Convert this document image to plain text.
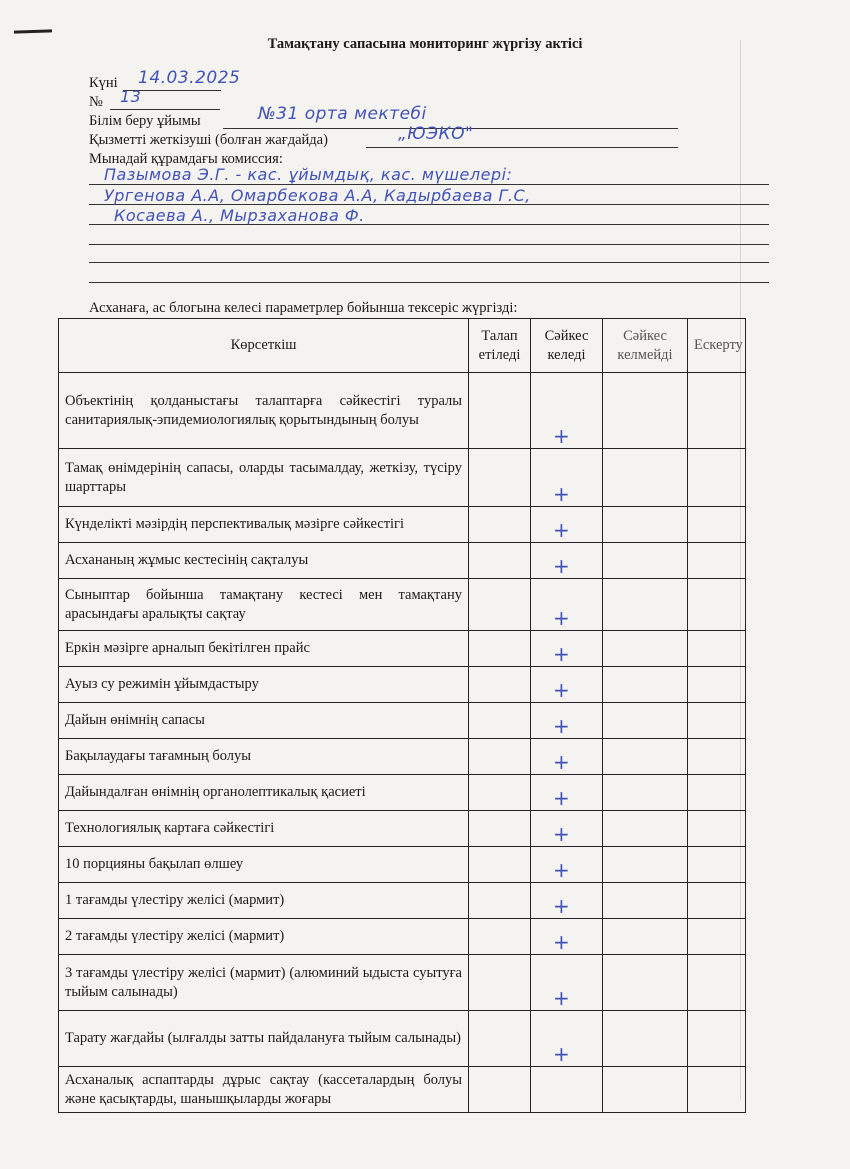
Тамақтану сапасына мониторинг жүргізу актісі
Күні 14.03.2025
№ 13
Білім беру ұйымы	№31 орта мектебі
Қызметті жеткізуші (болған жағдайда)	„ЮЭКО"
Мынадай құрамдағы комиссия:
Пазымова Э.Г. - кас. ұйымдық, кас. мүшелері:
Ургенова А.А, Омарбекова А.А, Кадырбаева Г.С,
Косаева А., Мырзаханова Ф.
Асханаға, ас блогына келесі параметрлер бойынша тексеріс жүргізді:
Көрсеткіш	Талап етіледі	Сәйкес келеді	Сәйкес келмейді	Ескерту
Объектінің қолданыстағы талаптарға сәйкестігі туралы санитариялық-эпидемиологиялық қорытындының болуы		+		

Тамақ өнімдерінің сапасы, оларды тасымалдау, жеткізу, түсіру шарттары		+		

Күнделікті мәзірдің перспективалық мәзірге сәйкестігі		+		

Асхананың жұмыс кестесінің сақталуы		+		

Сыныптар бойынша тамақтану кестесі мен тамақтану арасындағы аралықты сақтау		+		

Еркін мәзірге арналып бекітілген прайс		+		

Ауыз су режимін ұйымдастыру		+		

Дайын өнімнің сапасы		+		

Бақылаудағы тағамның болуы		+		

Дайындалған өнімнің органолептикалық қасиеті		+		

Технологиялық картаға сәйкестігі		+		

10 порцияны бақылап өлшеу		+		

1 тағамды үлестіру желісі (мармит)		+		

2 тағамды үлестіру желісі (мармит)		+		

3 тағамды үлестіру желісі (мармит) (алюминий ыдыста суытуға тыйым салынады)		+		

Тарату жағдайы (ылғалды затты пайдалануға тыйым салынады)		+		

Асханалық аспаптарды дұрыс сақтау (кассеталардың болуы және қасықтарды, шанышқыларды жоғары				
